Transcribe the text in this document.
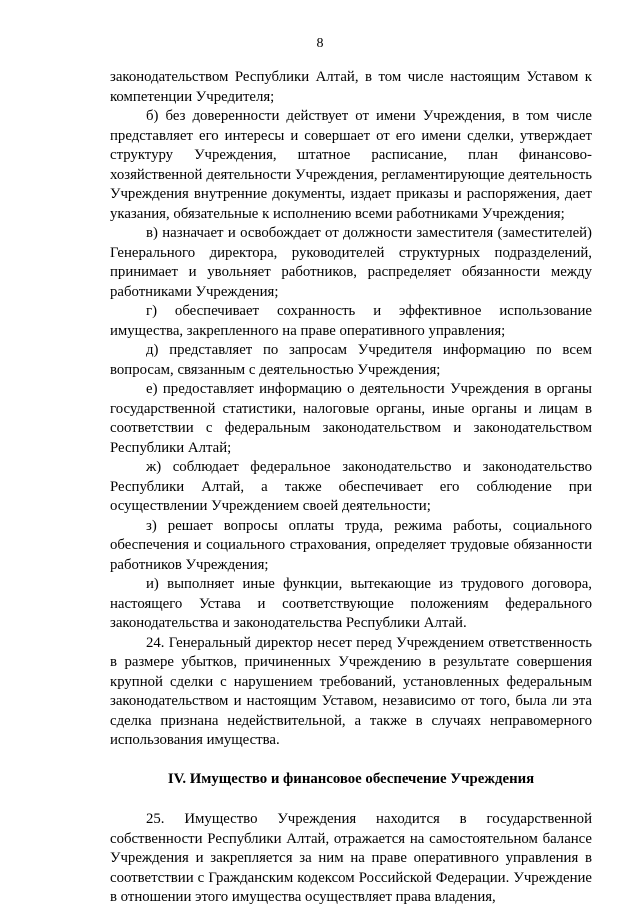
8

законодательством Республики Алтай, в том числе настоящим Уставом к компетенции Учредителя;

б) без доверенности действует от имени Учреждения, в том числе представляет его интересы и совершает от его имени сделки, утверждает структуру Учреждения, штатное расписание, план финансово-хозяйственной деятельности Учреждения, регламентирующие деятельность Учреждения внутренние документы, издает приказы и распоряжения, дает указания, обязательные к исполнению всеми работниками Учреждения;

в) назначает и освобождает от должности заместителя (заместителей) Генерального директора, руководителей структурных подразделений, принимает и увольняет работников, распределяет обязанности между работниками Учреждения;

г) обеспечивает сохранность и эффективное использование имущества, закрепленного на праве оперативного управления;

д) представляет по запросам Учредителя информацию по всем вопросам, связанным с деятельностью Учреждения;

е) предоставляет информацию о деятельности Учреждения в органы государственной статистики, налоговые органы, иные органы и лицам в соответствии с федеральным законодательством и законодательством Республики Алтай;

ж) соблюдает федеральное законодательство и законодательство Республики Алтай, а также обеспечивает его соблюдение при осуществлении Учреждением своей деятельности;

з) решает вопросы оплаты труда, режима работы, социального обеспечения и социального страхования, определяет трудовые обязанности работников Учреждения;

и) выполняет иные функции, вытекающие из трудового договора, настоящего Устава и соответствующие положениям федерального законодательства и законодательства Республики Алтай.

24. Генеральный директор несет перед Учреждением ответственность в размере убытков, причиненных Учреждению в результате совершения крупной сделки с нарушением требований, установленных федеральным законодательством и настоящим Уставом, независимо от того, была ли эта сделка признана недействительной, а также в случаях неправомерного использования имущества.

IV. Имущество и финансовое обеспечение Учреждения

25. Имущество Учреждения находится в государственной собственности Республики Алтай, отражается на самостоятельном балансе Учреждения и закрепляется за ним на праве оперативного управления в соответствии с Гражданским кодексом Российской Федерации. Учреждение в отношении этого имущества осуществляет права владения,
